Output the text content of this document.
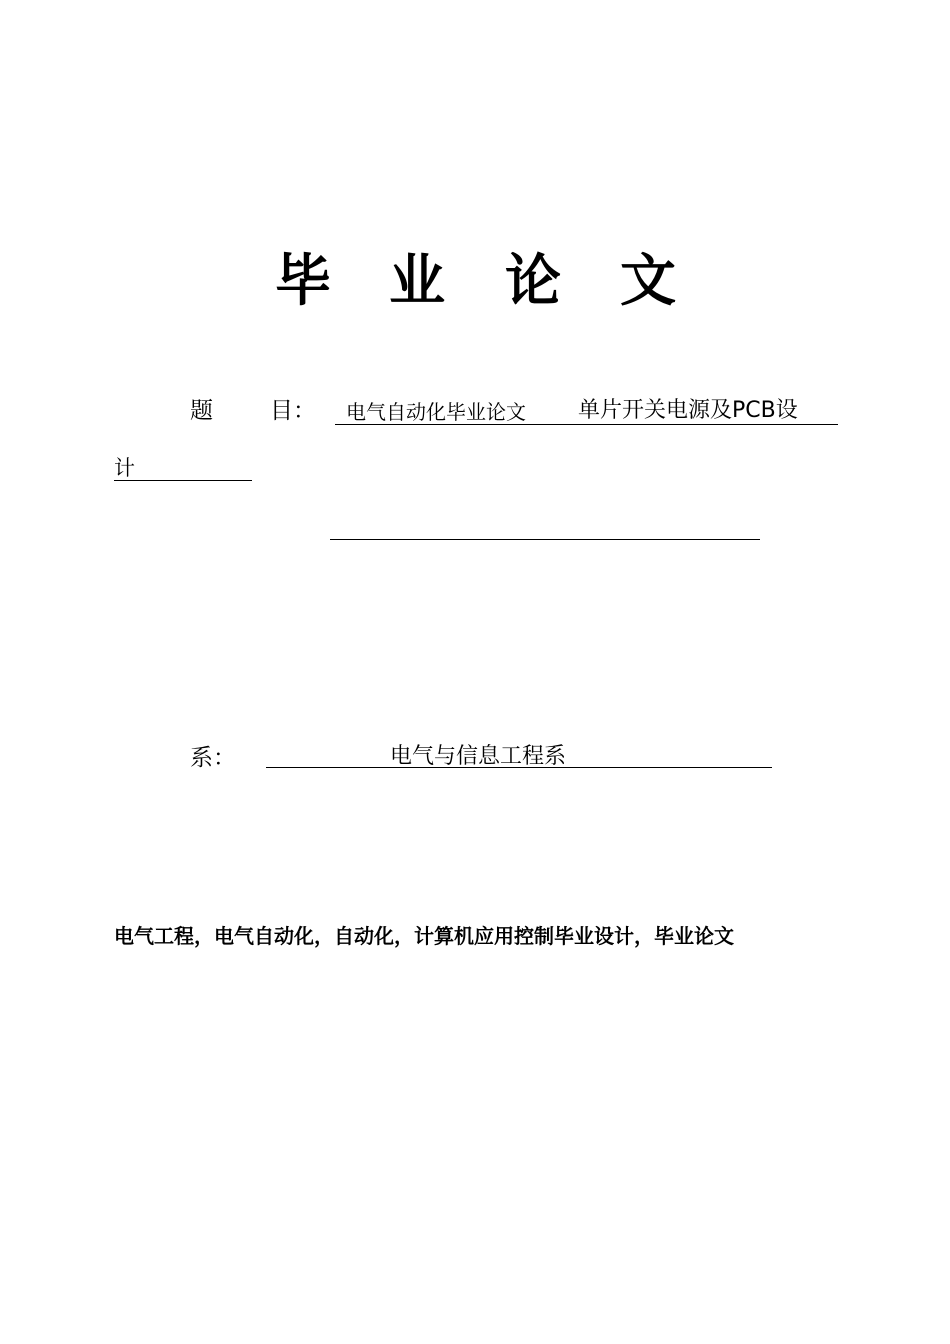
毕 业 论 文
题 目： 电气自动化毕业论文 单片开关电源及PCB设
计
系：	电气与信息工程系
电气工程，电气自动化，自动化，计算机应用控制毕业设计，毕业论文
